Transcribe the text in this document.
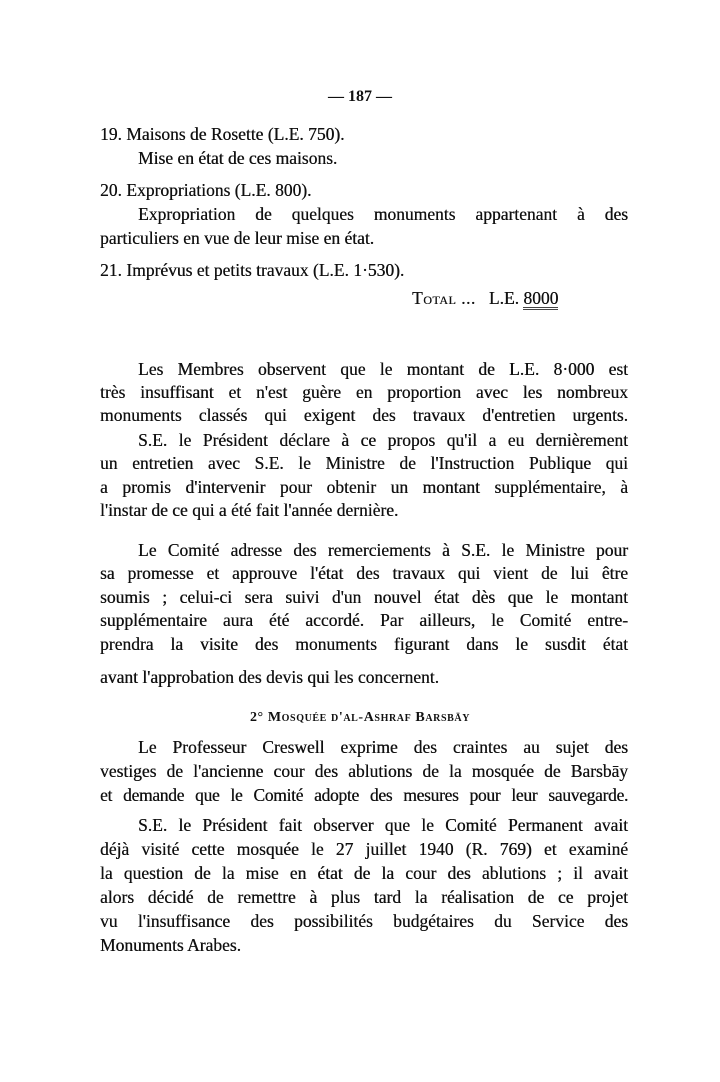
— 187 —
19. Maisons de Rosette (L.E. 750).
Mise en état de ces maisons.
20. Expropriations (L.E. 800).
Expropriation de quelques monuments appartenant à des
particuliers en vue de leur mise en état.
21. Imprévus et petits travaux (L.E. 1·530).
Total ... L.E. 8000
Les Membres observent que le montant de L.E. 8·000 est
très insuffisant et n'est guère en proportion avec les nombreux
monuments classés qui exigent des travaux d'entretien urgents.
S.E. le Président déclare à ce propos qu'il a eu dernièrement
un entretien avec S.E. le Ministre de l'Instruction Publique qui
a promis d'intervenir pour obtenir un montant supplémentaire, à
l'instar de ce qui a été fait l'année dernière.
Le Comité adresse des remerciements à S.E. le Ministre pour
sa promesse et approuve l'état des travaux qui vient de lui être
soumis ; celui-ci sera suivi d'un nouvel état dès que le montant
supplémentaire aura été accordé. Par ailleurs, le Comité entre-
prendra la visite des monuments figurant dans le susdit état
avant l'approbation des devis qui les concernent.
2° Mosquée d'al-Ashraf Barsbāy
Le Professeur Creswell exprime des craintes au sujet des
vestiges de l'ancienne cour des ablutions de la mosquée de Barsbāy
et demande que le Comité adopte des mesures pour leur sauvegarde.
S.E. le Président fait observer que le Comité Permanent avait
déjà visité cette mosquée le 27 juillet 1940 (R. 769) et examiné
la question de la mise en état de la cour des ablutions ; il avait
alors décidé de remettre à plus tard la réalisation de ce projet
vu l'insuffisance des possibilités budgétaires du Service des
Monuments Arabes.
